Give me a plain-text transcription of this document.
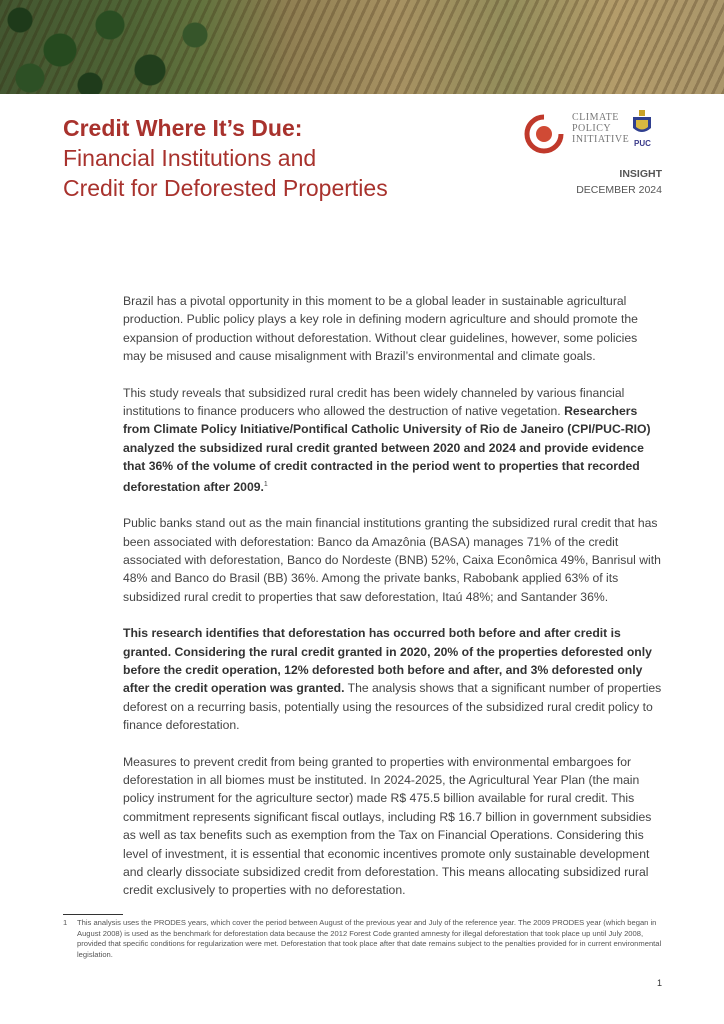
Credit Where It’s Due:
Financial Institutions and
Credit for Deforested Properties
CLIMATE
POLICY
INITIATIVE PUC
INSIGHT
DECEMBER 2024

Brazil has a pivotal opportunity in this moment to be a global leader in sustainable agricultural production. Public policy plays a key role in defining modern agriculture and should promote the expansion of production without deforestation. Without clear guidelines, however, some policies may be misused and cause misalignment with Brazil’s environmental and climate goals.

This study reveals that subsidized rural credit has been widely channeled by various financial institutions to finance producers who allowed the destruction of native vegetation. Researchers from Climate Policy Initiative/Pontifical Catholic University of Rio de Janeiro (CPI/PUC-RIO) analyzed the subsidized rural credit granted between 2020 and 2024 and provide evidence that 36% of the volume of credit contracted in the period went to properties that recorded deforestation after 2009.$^1$

Public banks stand out as the main financial institutions granting the subsidized rural credit that has been associated with deforestation: Banco da Amazônia (BASA) manages 71% of the credit associated with deforestation, Banco do Nordeste (BNB) 52%, Caixa Econômica 49%, Banrisul with 48% and Banco do Brasil (BB) 36%. Among the private banks, Rabobank applied 63% of its subsidized rural credit to properties that saw deforestation, Itaú 48%; and Santander 36%.

This research identifies that deforestation has occurred both before and after credit is granted. Considering the rural credit granted in 2020, 20% of the properties deforested only before the credit operation, 12% deforested both before and after, and 3% deforested only after the credit operation was granted. The analysis shows that a significant number of properties deforest on a recurring basis, potentially using the resources of the subsidized rural credit policy to finance deforestation.

Measures to prevent credit from being granted to properties with environmental embargoes for deforestation in all biomes must be instituted. In 2024-2025, the Agricultural Year Plan (the main policy instrument for the agriculture sector) made R$ 475.5 billion available for rural credit. This commitment represents significant fiscal outlays, including R$ 16.7 billion in government subsidies as well as tax benefits such as exemption from the Tax on Financial Operations. Considering this level of investment, it is essential that economic incentives promote only sustainable development and clearly dissociate subsidized credit from deforestation. This means allocating subsidized rural credit exclusively to properties with no deforestation.

1 This analysis uses the PRODES years, which cover the period between August of the previous year and July of the reference year. The 2009 PRODES year (which began in August 2008) is used as the benchmark for deforestation data because the 2012 Forest Code granted amnesty for illegal deforestation that took place up until July 2008, provided that specific conditions for regularization were met. Deforestation that took place after that date remains subject to the penalties provided for in current environmental legislation.
1
